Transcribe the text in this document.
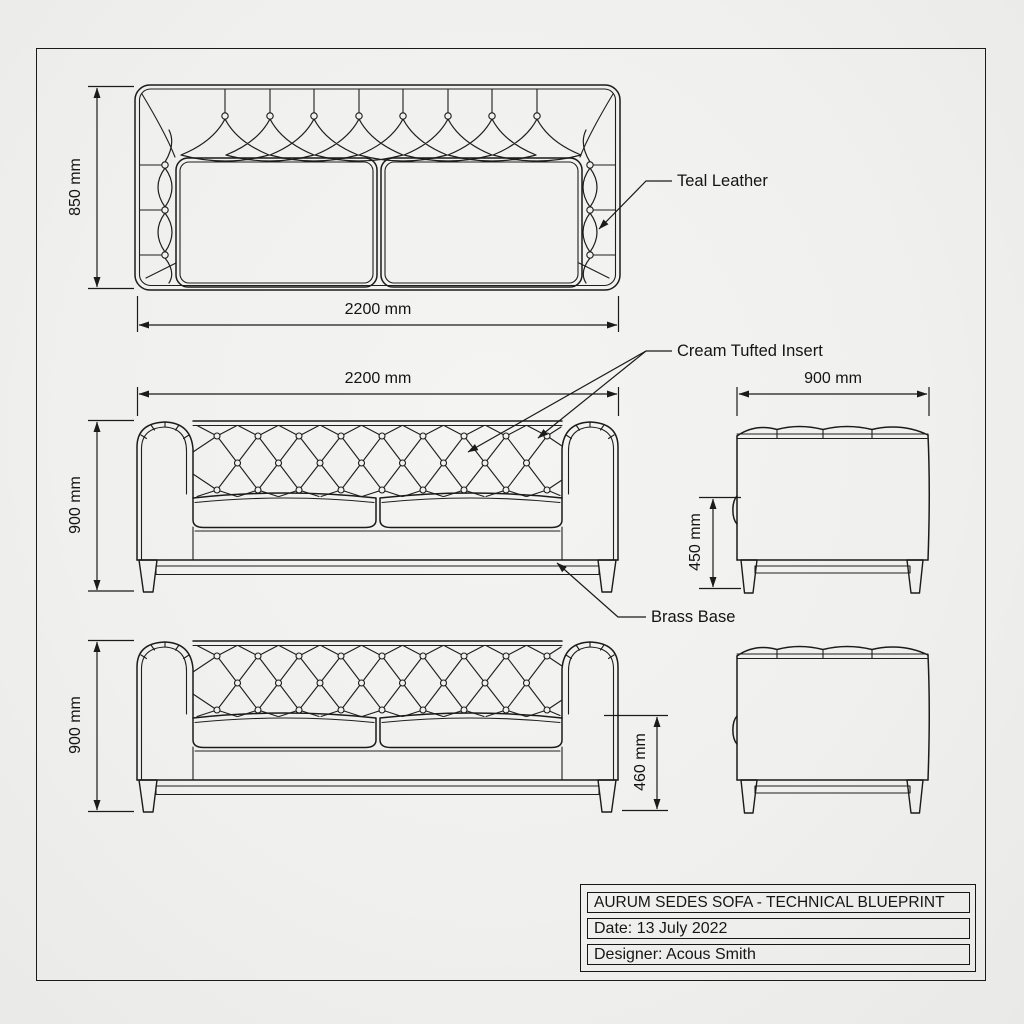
850 mm
2200 mm
2200 mm
900 mm
900 mm
450 mm
900 mm
460 mm
Teal Leather
Cream Tufted Insert
Brass Base
AURUM SEDES SOFA - TECHNICAL BLUEPRINT
Date: 13 July 2022
Designer: Acous Smith
